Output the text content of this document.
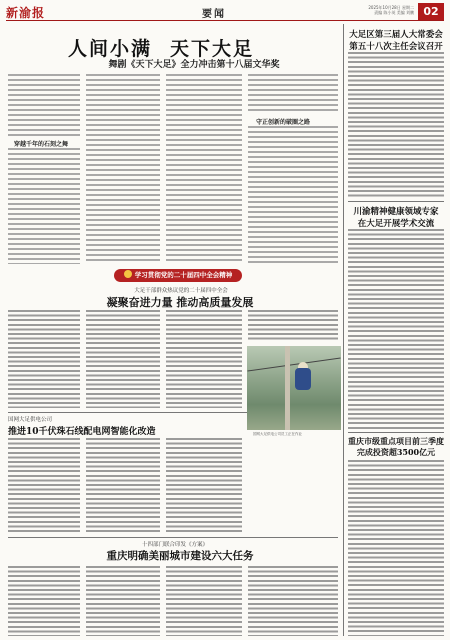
新渝报	要闻
2025年10月28日 星期二
责编 陈小英 美编 刘鹏 02
人间小满 天下大足
舞剧《天下大足》全力冲击第十八届文华奖
穿越千年的石刻之舞
守正创新的破圈之路
学习贯彻党的二十届四中全会精神
大足干部群众热议党的二十届四中全会
凝聚奋进力量 推动高质量发展
国网大足供电公司
推进10千伏珠石线配电网智能化改造	国网大足供电公司员工正在作业
十四部门联合印发《方案》
重庆明确美丽城市建设六大任务
大足区第三届人大常委会
第五十八次主任会议召开
川渝精神健康领域专家
在大足开展学术交流
重庆市级重点项目前三季度
完成投资超3500亿元
